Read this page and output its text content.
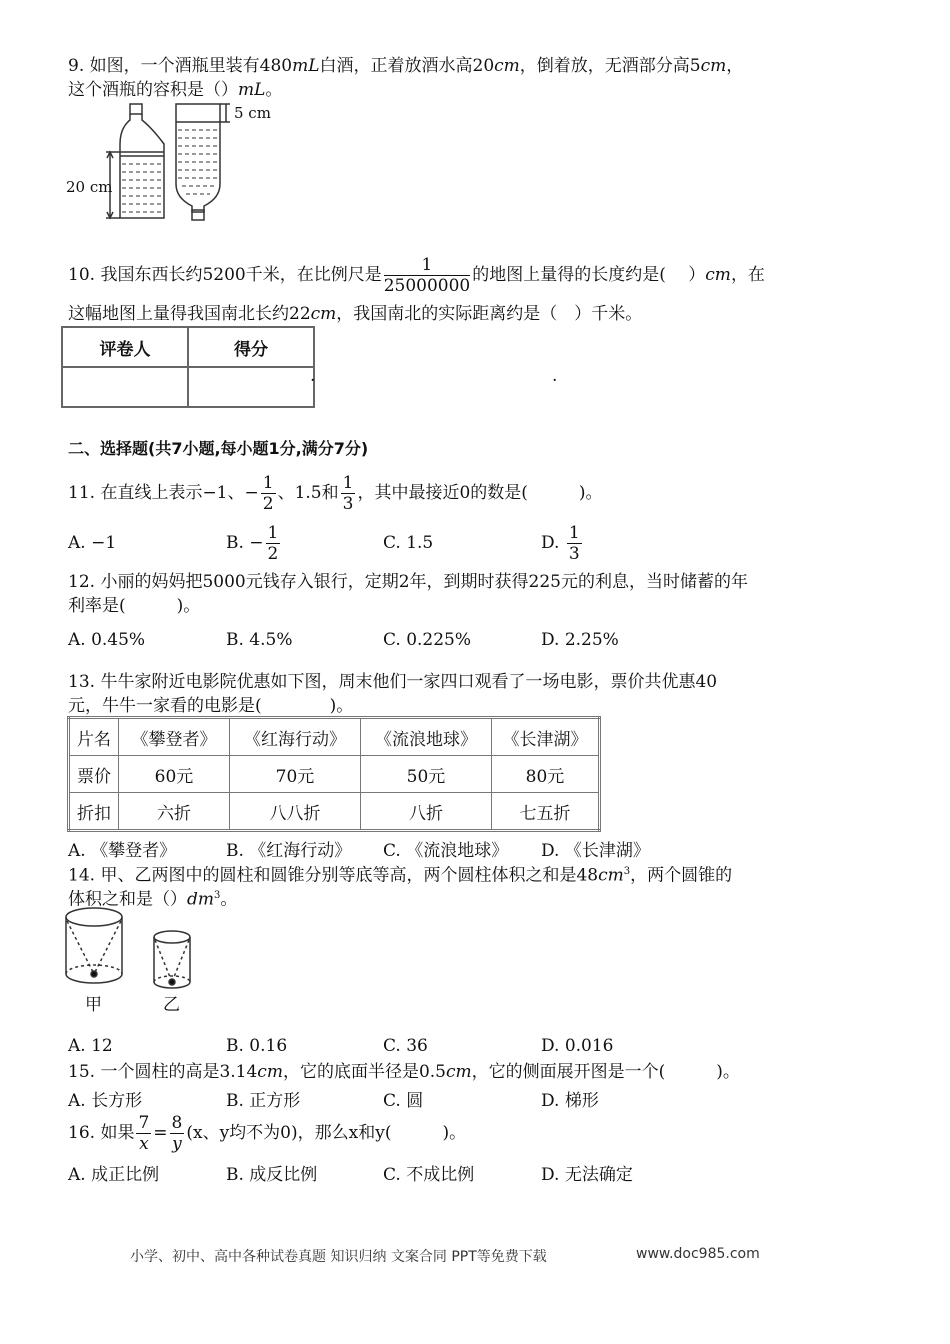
9. 如图，一个酒瓶里装有480mL白酒，正着放酒水高20cm，倒着放，无酒部分高5cm，
这个酒瓶的容积是（）mL。
20 cm
5 cm
10. 我国东西长约5200千米，在比例尺是 $\frac{1}{25000000}$ 的地图上量得的长度约是(　 ）cm，在
这幅地图上量得我国南北长约22cm，我国南北的实际距离约是（　）千米。
评卷人	得分

.	.
二、选择题(共7小题,每小题1分,满分7分)
11. 在直线上表示−1、− $\frac{1}{2}$ 、1.5和 $\frac{1}{3}$ ，其中最接近0的数是(　　　)。
A. −1	B. − $\frac{1}{2}$	C. 1.5	D. $\frac{1}{3}$
12. 小丽的妈妈把5000元钱存入银行，定期2年，到期时获得225元的利息，当时储蓄的年
利率是(　　　)。
A. 0.45%	B. 4.5%	C. 0.225%	D. 2.25%
13. 牛牛家附近电影院优惠如下图，周末他们一家四口观看了一场电影，票价共优惠40
元，牛牛一家看的电影是(　　　　)。
片名	《攀登者》	《红海行动》	《流浪地球》	《长津湖》
票价	60元	70元	50元	80元
折扣	六折	八八折	八折	七五折
A. 《攀登者》	B. 《红海行动》 C. 《流浪地球》 D. 《长津湖》
14. 甲、乙两图中的圆柱和圆锥分别等底等高，两个圆柱体积之和是$48cm^3$，两个圆锥的
体积之和是$()dm^3$。
甲	乙
A. 12	B. 0.16	C. 36	D. 0.016
15. 一个圆柱的高是3.14cm，它的底面半径是0.5cm，它的侧面展开图是一个(　　　)。
A. 长方形	B. 正方形	C. 圆	D. 梯形
16. 如果 $\frac{7}{x} = \frac{8}{y} (x$、y均不为0)，那么x和y(　　　)。
A. 成正比例	B. 成反比例	C. 不成比例	D. 无法确定
小学、初中、高中各种试卷真题 知识归纳 文案合同 PPT等免费下载	www.doc985.com
